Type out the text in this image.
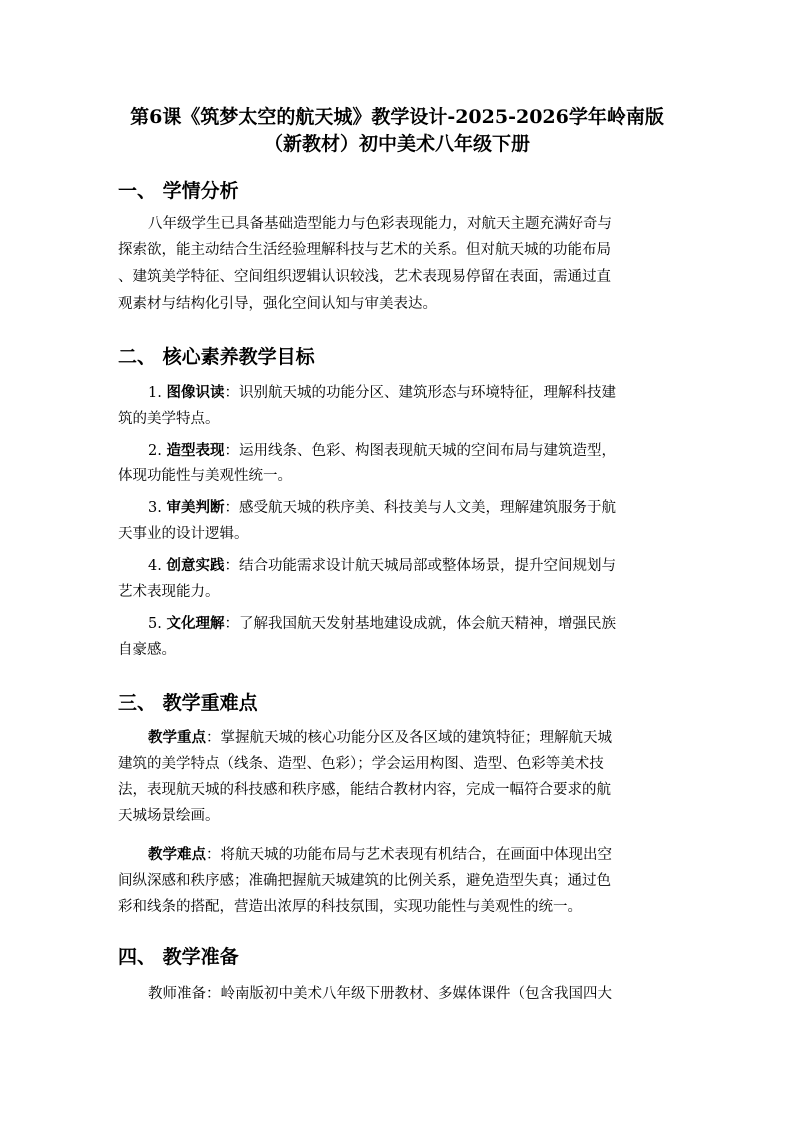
第6课《筑梦太空的航天城》教学设计-2025-2026学年岭南版
（新教材）初中美术八年级下册
一、 学情分析
八年级学生已具备基础造型能力与色彩表现能力，对航天主题充满好奇与
探索欲，能主动结合生活经验理解科技与艺术的关系。但对航天城的功能布局
、建筑美学特征、空间组织逻辑认识较浅，艺术表现易停留在表面，需通过直
观素材与结构化引导，强化空间认知与审美表达。
二、 核心素养教学目标
1. 图像识读：识别航天城的功能分区、建筑形态与环境特征，理解科技建
筑的美学特点。
2. 造型表现：运用线条、色彩、构图表现航天城的空间布局与建筑造型，
体现功能性与美观性统一。
3. 审美判断：感受航天城的秩序美、科技美与人文美，理解建筑服务于航
天事业的设计逻辑。
4. 创意实践：结合功能需求设计航天城局部或整体场景，提升空间规划与
艺术表现能力。
5. 文化理解：了解我国航天发射基地建设成就，体会航天精神，增强民族
自豪感。
三、 教学重难点
教学重点：掌握航天城的核心功能分区及各区域的建筑特征；理解航天城
建筑的美学特点（线条、造型、色彩）；学会运用构图、造型、色彩等美术技
法，表现航天城的科技感和秩序感，能结合教材内容，完成一幅符合要求的航
天城场景绘画。
教学难点：将航天城的功能布局与艺术表现有机结合，在画面中体现出空
间纵深感和秩序感；准确把握航天城建筑的比例关系，避免造型失真；通过色
彩和线条的搭配，营造出浓厚的科技氛围，实现功能性与美观性的统一。
四、 教学准备
教师准备：岭南版初中美术八年级下册教材、多媒体课件（包含我国四大
